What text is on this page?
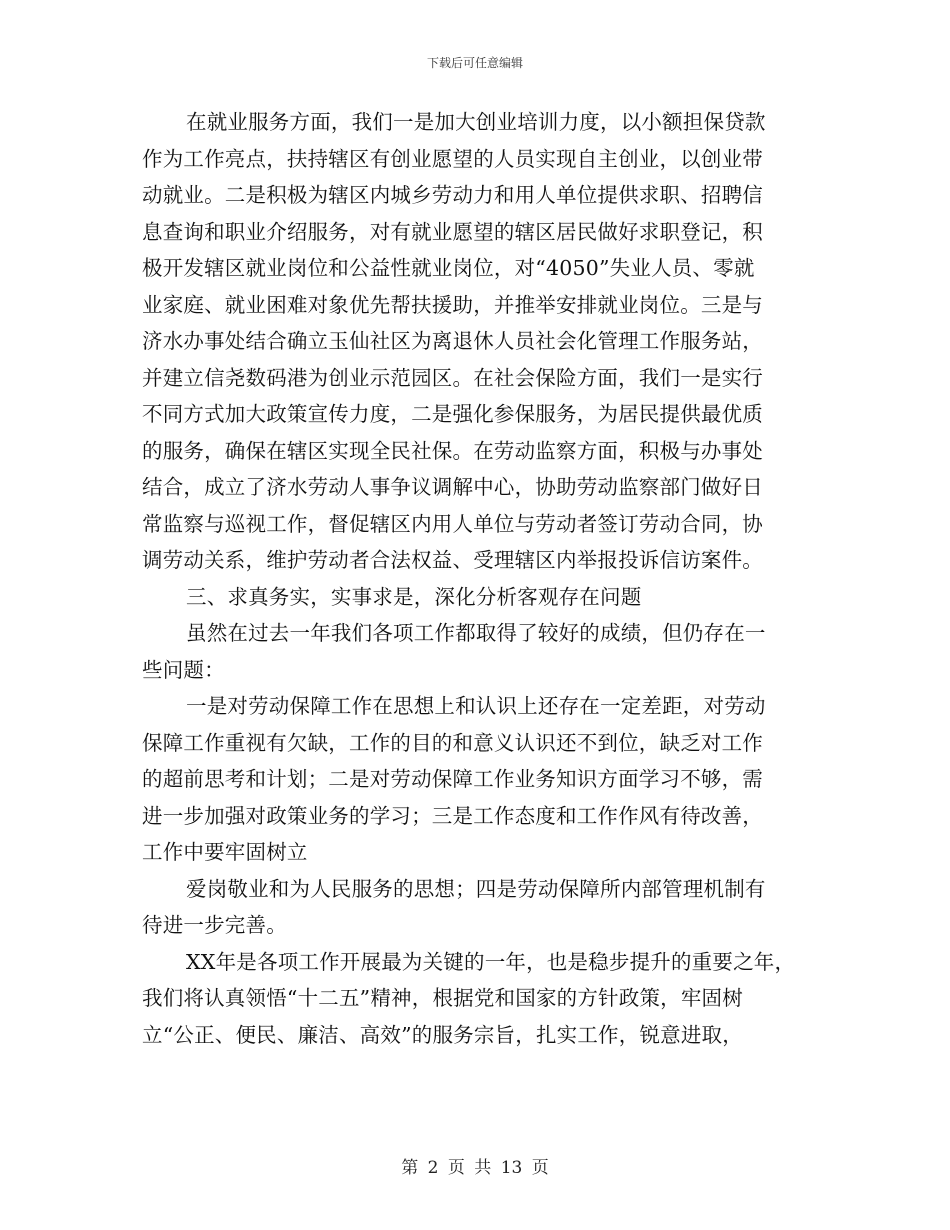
下载后可任意编辑
在就业服务方面，我们一是加大创业培训力度，以小额担保贷款
作为工作亮点，扶持辖区有创业愿望的人员实现自主创业，以创业带
动就业。二是积极为辖区内城乡劳动力和用人单位提供求职、招聘信
息查询和职业介绍服务，对有就业愿望的辖区居民做好求职登记，积
极开发辖区就业岗位和公益性就业岗位，对“4050”失业人员、零就
业家庭、就业困难对象优先帮扶援助，并推举安排就业岗位。三是与
济水办事处结合确立玉仙社区为离退休人员社会化管理工作服务站，
并建立信尧数码港为创业示范园区。在社会保险方面，我们一是实行
不同方式加大政策宣传力度，二是强化参保服务，为居民提供最优质
的服务，确保在辖区实现全民社保。在劳动监察方面，积极与办事处
结合，成立了济水劳动人事争议调解中心，协助劳动监察部门做好日
常监察与巡视工作，督促辖区内用人单位与劳动者签订劳动合同，协
调劳动关系，维护劳动者合法权益、受理辖区内举报投诉信访案件。
三、求真务实，实事求是，深化分析客观存在问题
虽然在过去一年我们各项工作都取得了较好的成绩，但仍存在一
些问题：
一是对劳动保障工作在思想上和认识上还存在一定差距，对劳动
保障工作重视有欠缺，工作的目的和意义认识还不到位，缺乏对工作
的超前思考和计划；二是对劳动保障工作业务知识方面学习不够，需
进一步加强对政策业务的学习；三是工作态度和工作作风有待改善，
工作中要牢固树立
爱岗敬业和为人民服务的思想；四是劳动保障所内部管理机制有
待进一步完善。
XX年是各项工作开展最为关键的一年，也是稳步提升的重要之年，
我们将认真领悟“十二五”精神，根据党和国家的方针政策，牢固树
立“公正、便民、廉洁、高效”的服务宗旨，扎实工作，锐意进取，
第 2 页 共 13 页
